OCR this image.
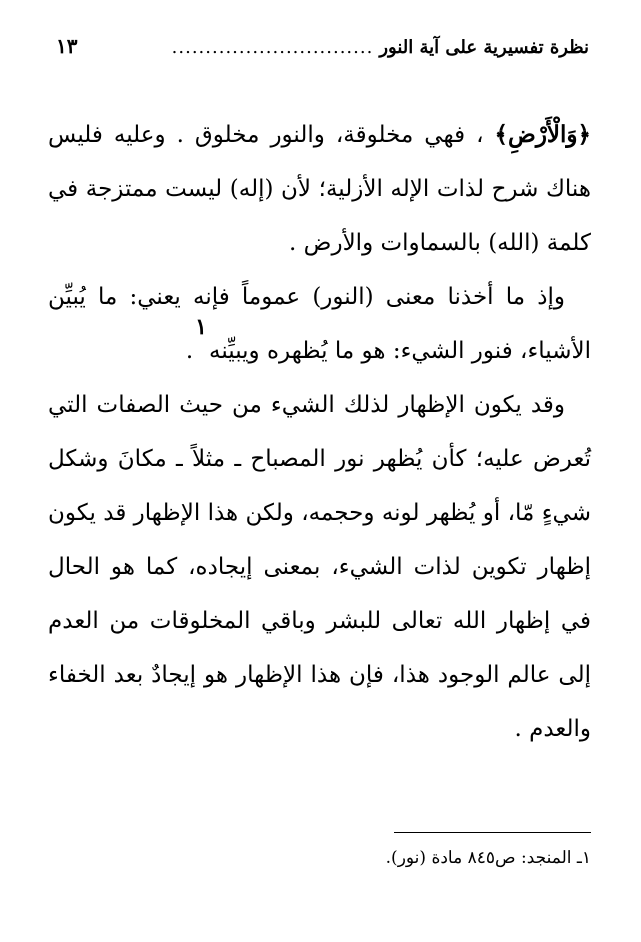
نظرة تفسيرية على آية النور
..............................
١٣

﴿وَالْأَرْضِ﴾ ، فهي مخلوقة، والنور مخلوق . وعليه فليس هناك شرح لذات الإله الأزلية؛ لأن (إله) ليست ممتزجة في كلمة (الله) بالسماوات والأرض .

وإذ ما أخذنا معنى (النور) عموماً فإنه يعني: ما يُبيِّن الأشياء، فنور الشيء: هو ما يُظهره ويبيِّنه١.

وقد يكون الإظهار لذلك الشيء من حيث الصفات التي تُعرض عليه؛ كأن يُظهر نور المصباح ـ مثلاً ـ مكانَ وشكل شيءٍ مّا، أو يُظهر لونه وحجمه، ولكن هذا الإظهار قد يكون إظهار تكوين لذات الشيء، بمعنى إيجاده، كما هو الحال في إظهار الله تعالى للبشر وباقي المخلوقات من العدم إلى عالم الوجود هذا، فإن هذا الإظهار هو إيجادٌ بعد الخفاء والعدم .

١ـ المنجد: ص٨٤٥ مادة (نور).
